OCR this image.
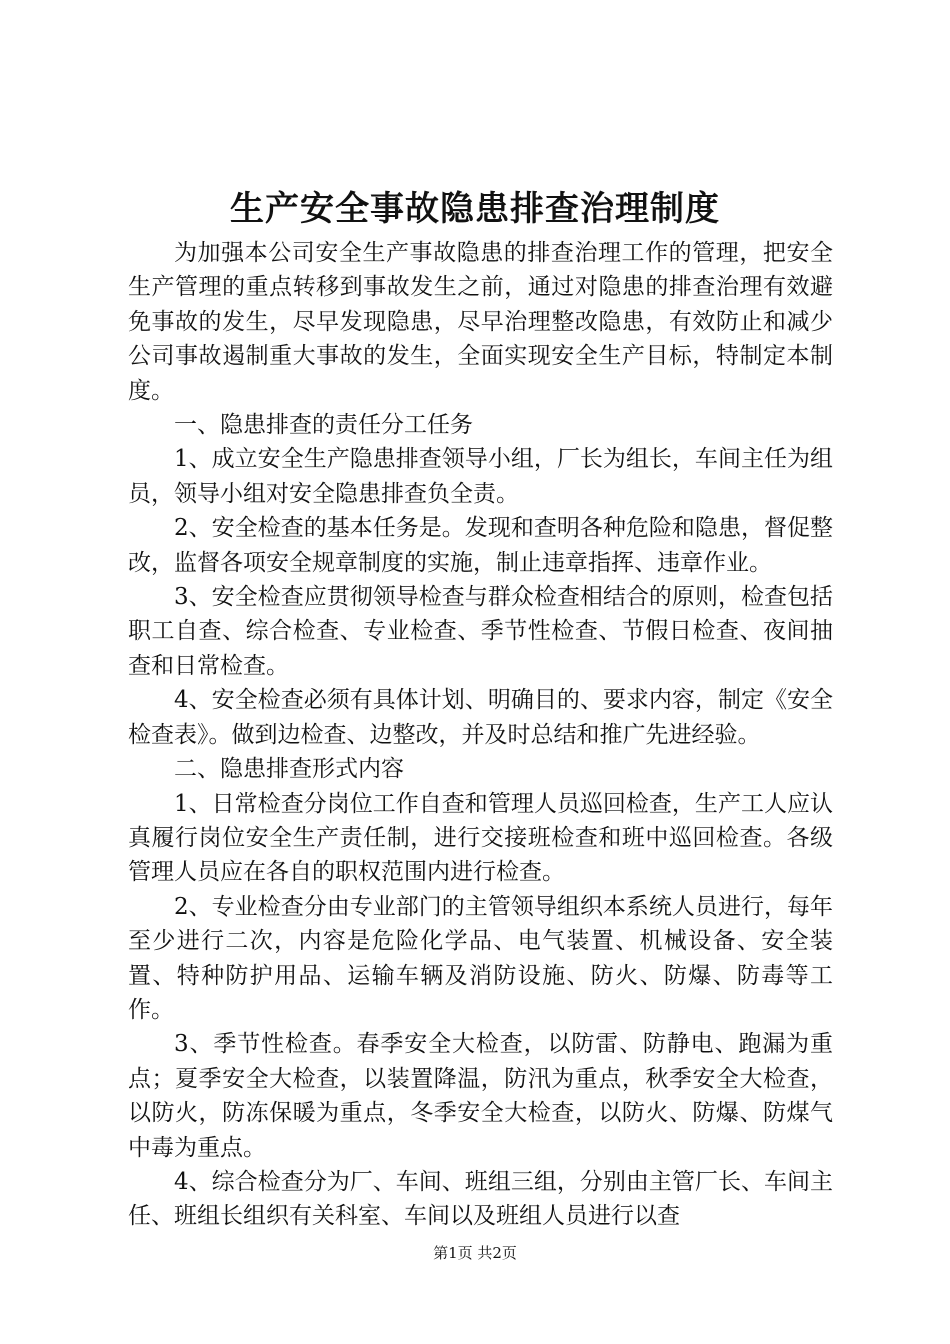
生产安全事故隐患排查治理制度

为加强本公司安全生产事故隐患的排查治理工作的管理，把安全生产管理的重点转移到事故发生之前，通过对隐患的排查治理有效避免事故的发生，尽早发现隐患，尽早治理整改隐患，有效防止和减少公司事故遏制重大事故的发生，全面实现安全生产目标，特制定本制度。

一、隐患排查的责任分工任务

1、成立安全生产隐患排查领导小组，厂长为组长，车间主任为组员，领导小组对安全隐患排查负全责。

2、安全检查的基本任务是。发现和查明各种危险和隐患，督促整改，监督各项安全规章制度的实施，制止违章指挥、违章作业。

3、安全检查应贯彻领导检查与群众检查相结合的原则，检查包括职工自查、综合检查、专业检查、季节性检查、节假日检查、夜间抽查和日常检查。

4、安全检查必须有具体计划、明确目的、要求内容，制定《安全检查表》。做到边检查、边整改，并及时总结和推广先进经验。

二、隐患排查形式内容

1、日常检查分岗位工作自查和管理人员巡回检查，生产工人应认真履行岗位安全生产责任制，进行交接班检查和班中巡回检查。各级管理人员应在各自的职权范围内进行检查。

2、专业检查分由专业部门的主管领导组织本系统人员进行，每年至少进行二次，内容是危险化学品、电气装置、机械设备、安全装置、特种防护用品、运输车辆及消防设施、防火、防爆、防毒等工作。

3、季节性检查。春季安全大检查，以防雷、防静电、跑漏为重点；夏季安全大检查，以装置降温，防汛为重点，秋季安全大检查，以防火，防冻保暖为重点，冬季安全大检查，以防火、防爆、防煤气中毒为重点。

4、综合检查分为厂、车间、班组三组，分别由主管厂长、车间主任、班组长组织有关科室、车间以及班组人员进行以查

第1页 共2页
